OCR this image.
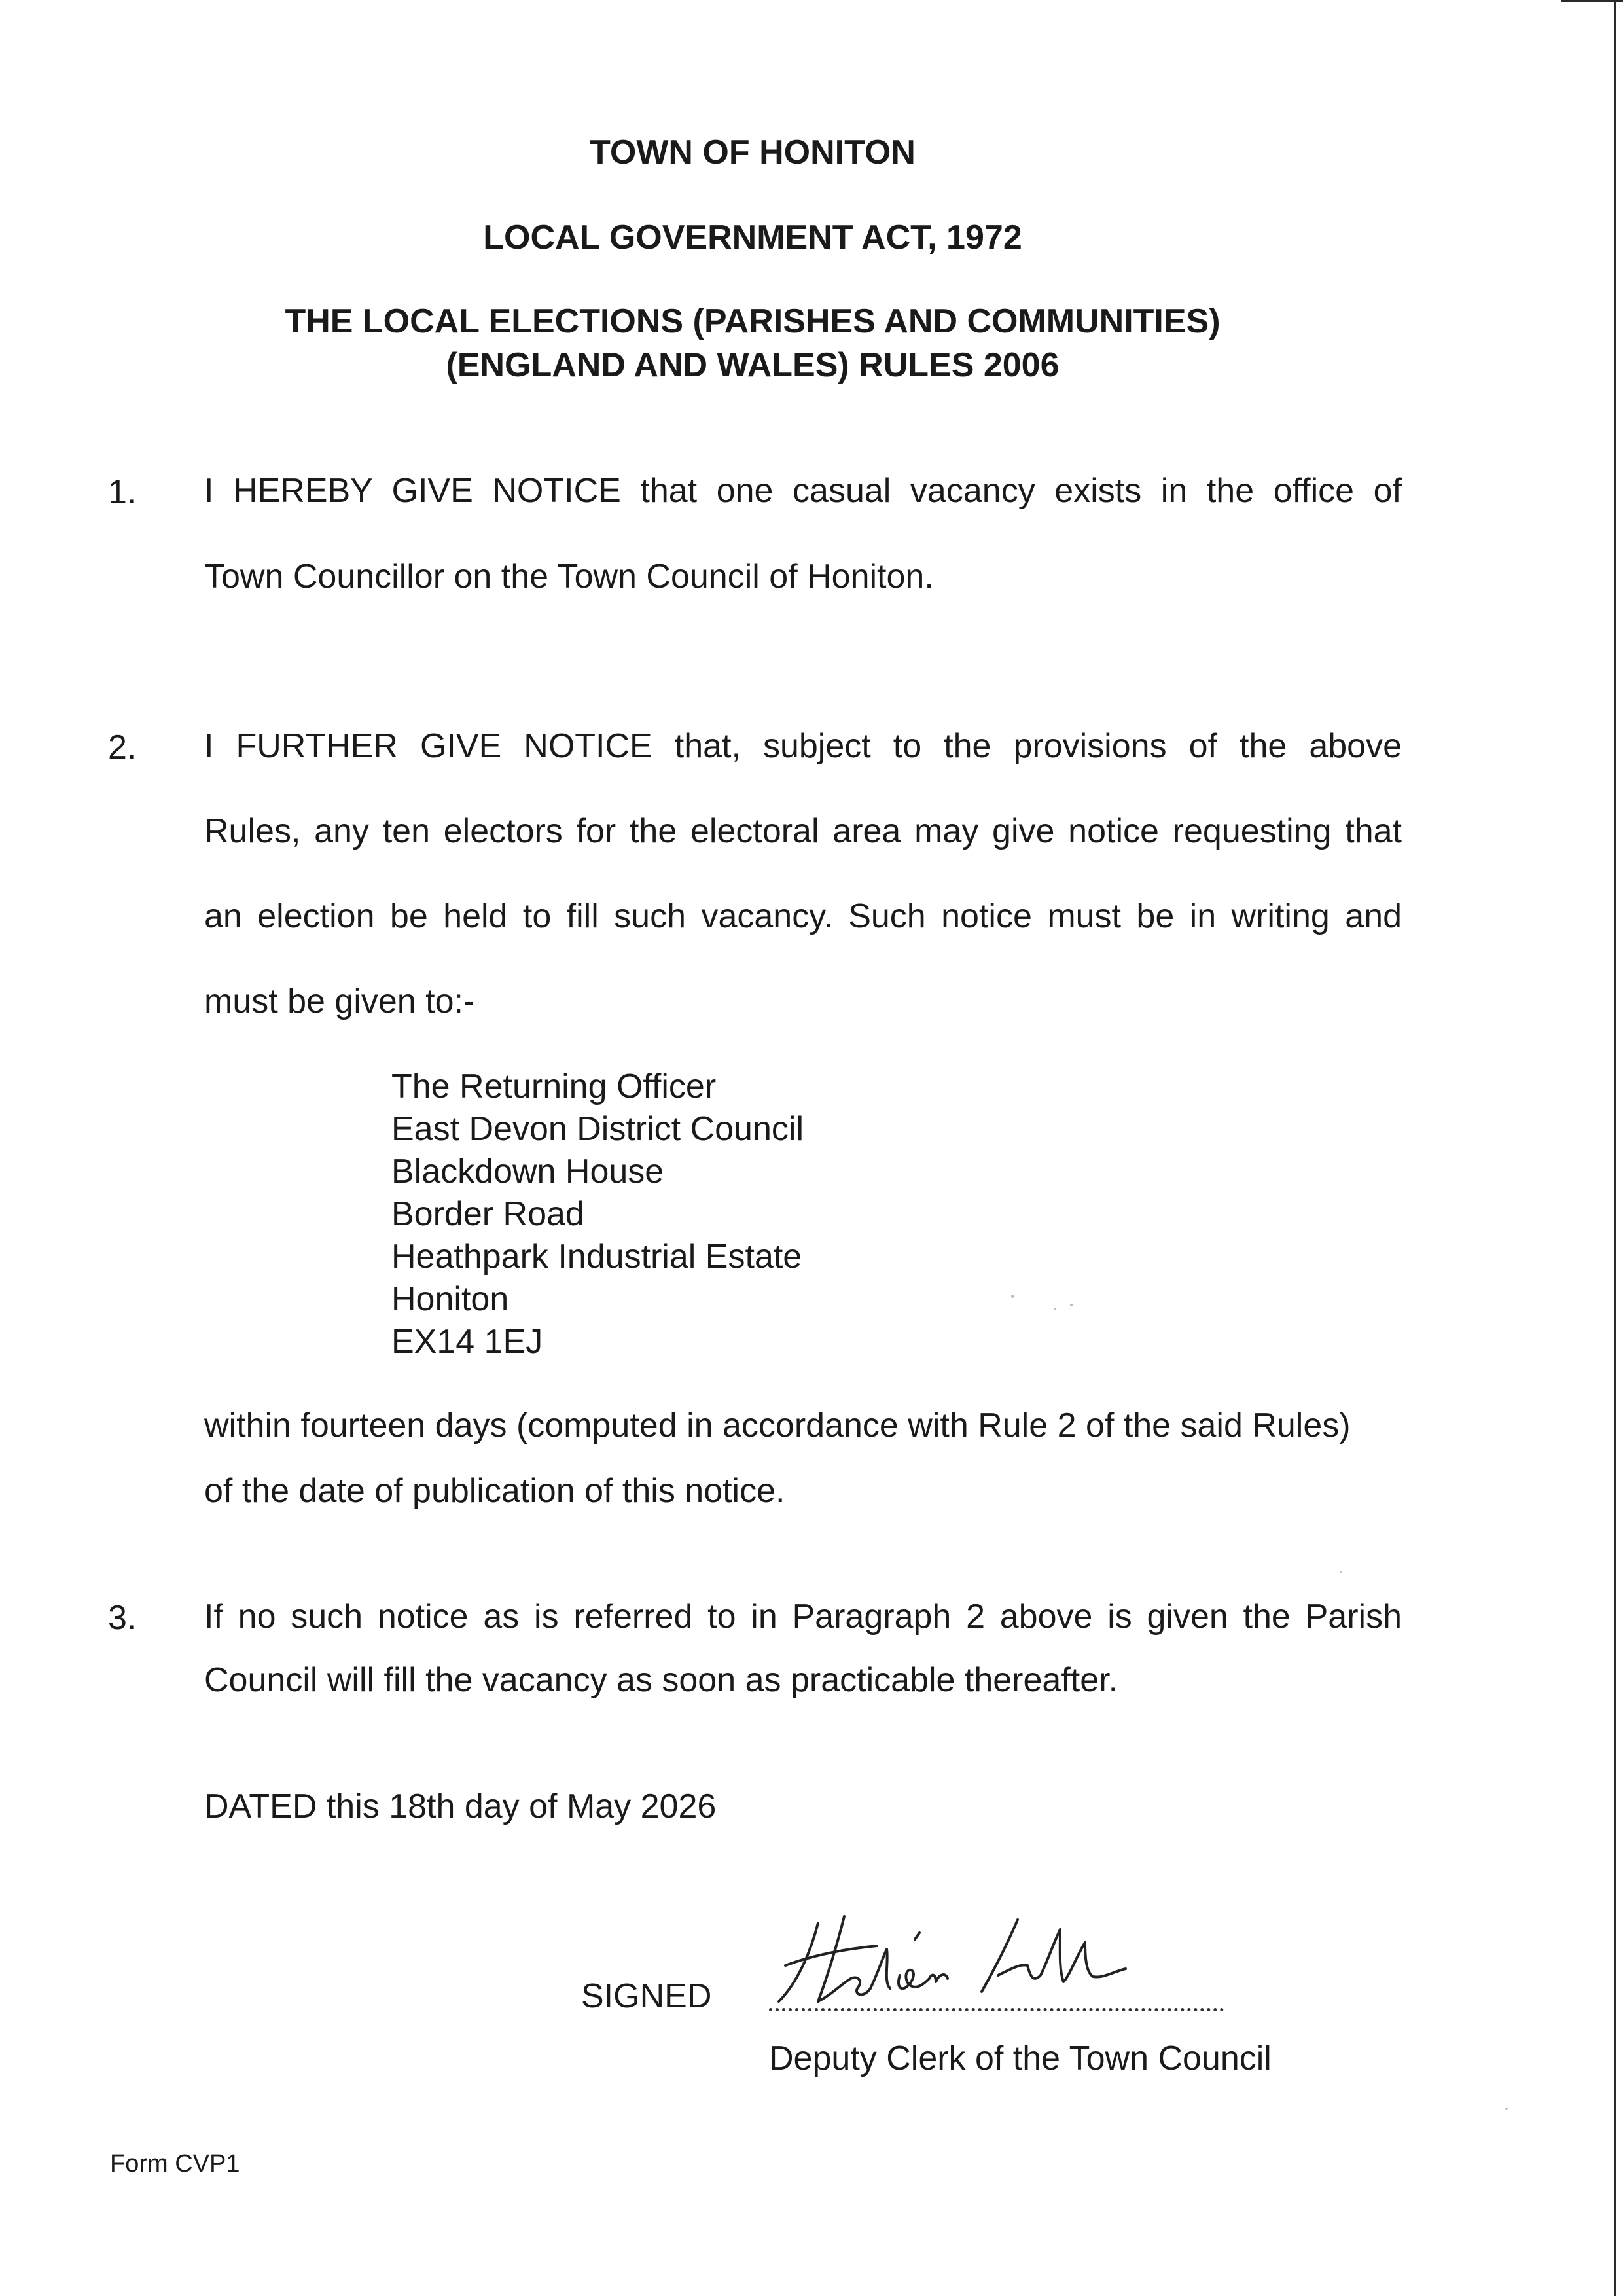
TOWN OF HONITON
LOCAL GOVERNMENT ACT, 1972
THE LOCAL ELECTIONS (PARISHES AND COMMUNITIES)
(ENGLAND AND WALES) RULES 2006
1. I HEREBY GIVE NOTICE that one casual vacancy exists in the office of
Town Councillor on the Town Council of Honiton.
2. I FURTHER GIVE NOTICE that, subject to the provisions of the above
Rules, any ten electors for the electoral area may give notice requesting that
an election be held to fill such vacancy. Such notice must be in writing and
must be given to:-
The Returning Officer
East Devon District Council
Blackdown House
Border Road
Heathpark Industrial Estate
Honiton
EX14 1EJ
within fourteen days (computed in accordance with Rule 2 of the said Rules)
of the date of publication of this notice.
3. If no such notice as is referred to in Paragraph 2 above is given the Parish
Council will fill the vacancy as soon as practicable thereafter.
DATED this 18th day of May 2026
SIGNED
Helen Aller
Deputy Clerk of the Town Council
Form CVP1
